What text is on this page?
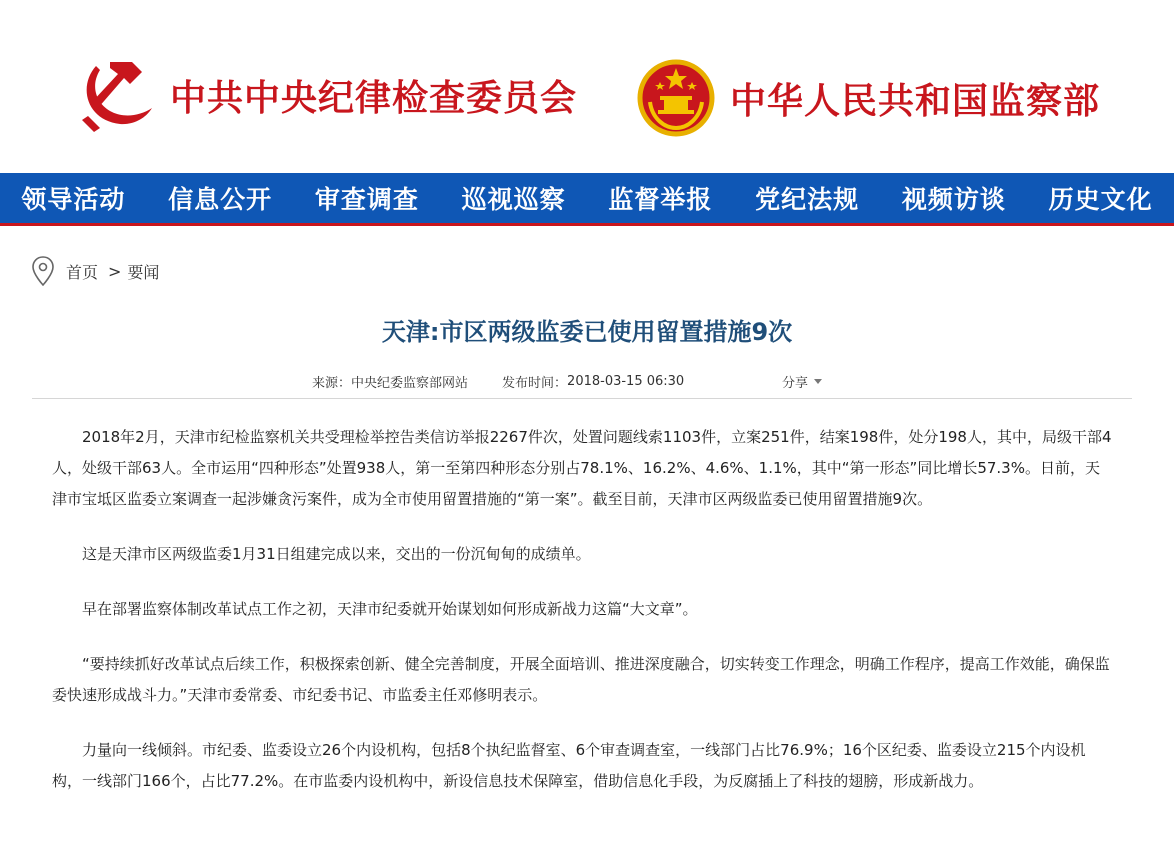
中共中央纪律检查委员会	中华人民共和国监察部
领导活动 信息公开 审查调查 巡视巡察 监督举报 党纪法规 视频访谈 历史文化
首页 > 要闻
天津:市区两级监委已使用留置措施9次
来源： 中央纪委监察部网站	发布时间： 2018-03-15 06:30	分享

2018年2月，天津市纪检监察机关共受理检举控告类信访举报2267件次，处置问题线索1103件，立案251件，结案198件，处分198人，其中，局级干部4人，处级干部63人。全市运用“四种形态”处置938人，第一至第四种形态分别占78.1%、16.2%、4.6%、1.1%，其中“第一形态”同比增长57.3%。日前，天津市宝坻区监委立案调查一起涉嫌贪污案件，成为全市使用留置措施的“第一案”。截至目前，天津市区两级监委已使用留置措施9次。

这是天津市区两级监委1月31日组建完成以来，交出的一份沉甸甸的成绩单。

早在部署监察体制改革试点工作之初，天津市纪委就开始谋划如何形成新战力这篇“大文章”。

“要持续抓好改革试点后续工作，积极探索创新、健全完善制度，开展全面培训、推进深度融合，切实转变工作理念，明确工作程序，提高工作效能，确保监委快速形成战斗力。”天津市委常委、市纪委书记、市监委主任邓修明表示。

力量向一线倾斜。市纪委、监委设立26个内设机构，包括8个执纪监督室、6个审查调查室，一线部门占比76.9%；16个区纪委、监委设立215个内设机构，一线部门166个，占比77.2%。在市监委内设机构中，新设信息技术保障室，借助信息化手段，为反腐插上了科技的翅膀，形成新战力。
